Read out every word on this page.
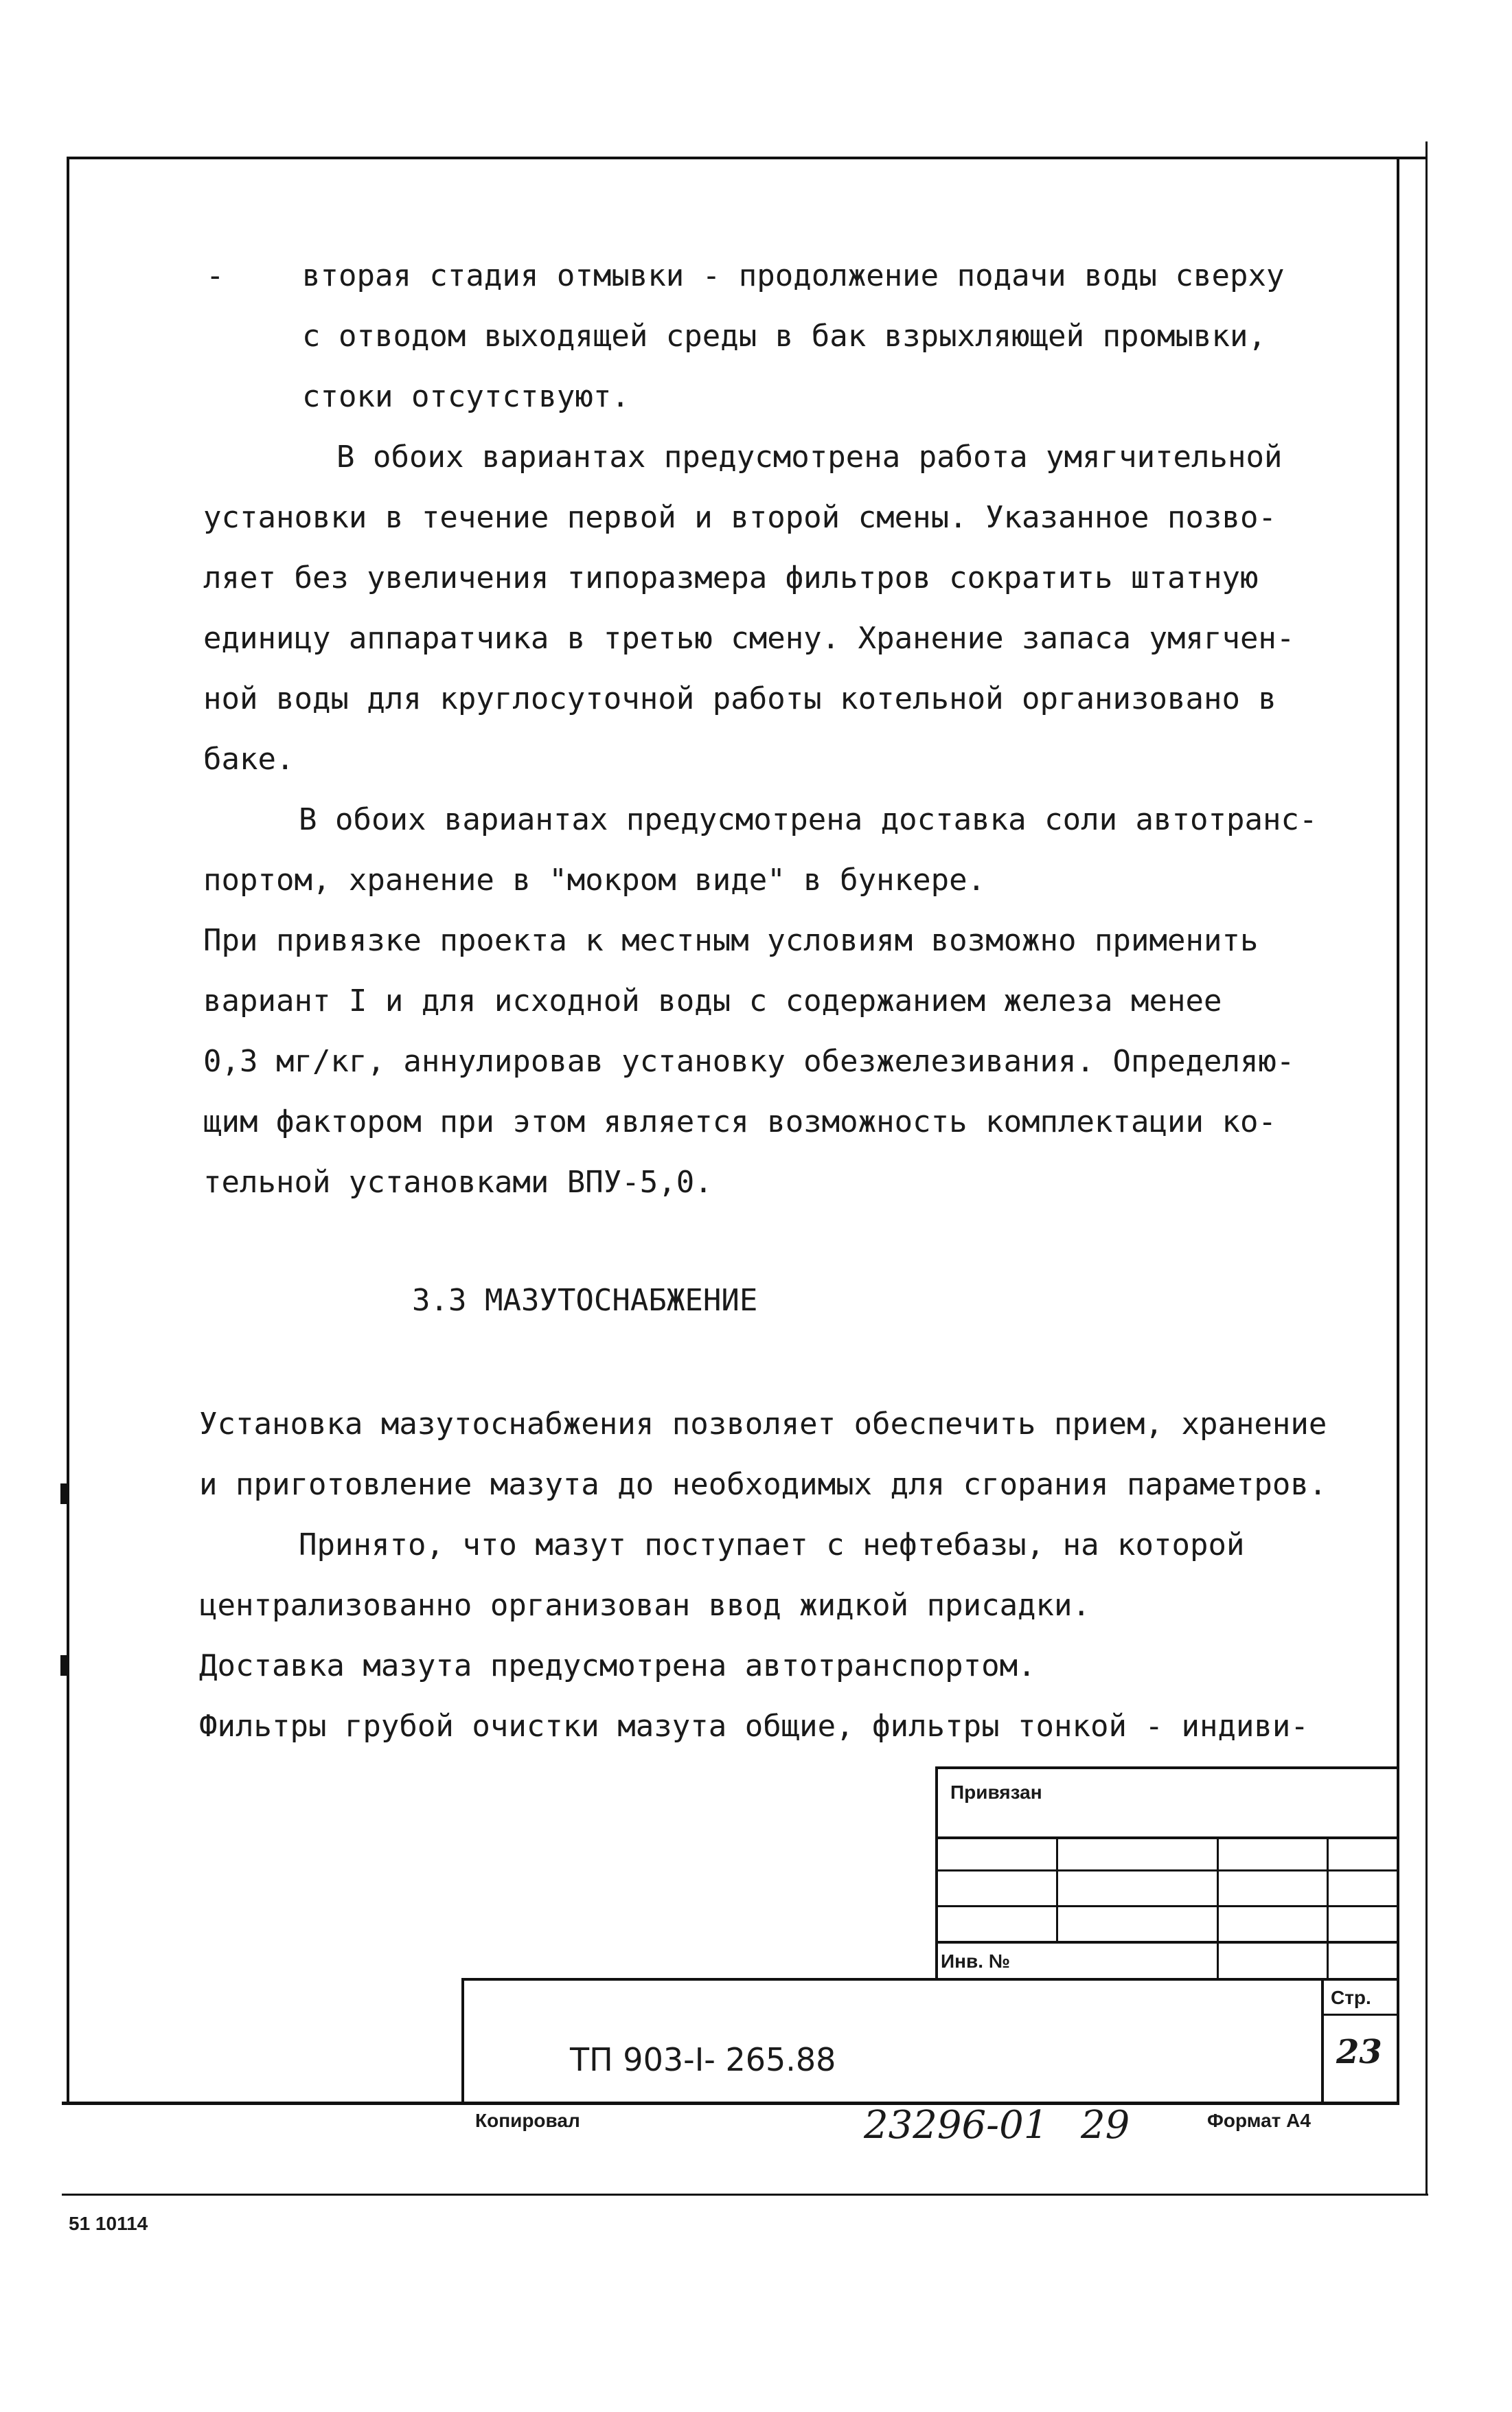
-	вторая стадия отмывки - продолжение подачи воды сверху
с отводом выходящей среды в бак взрыхляющей промывки,
стоки отсутствуют.
В обоих вариантах предусмотрена работа умягчительной
установки в течение первой и второй смены. Указанное позво-
ляет без увеличения типоразмера фильтров сократить штатную
единицу аппаратчика в третью смену. Хранение запаса умягчен-
ной воды для круглосуточной работы котельной организовано в
баке.
В обоих вариантах предусмотрена доставка соли автотранс-
портом, хранение в "мокром виде" в бункере.
При привязке проекта к местным условиям возможно применить
вариант I и для исходной воды с содержанием железа менее
0,3 мг/кг, аннулировав установку обезжелезивания. Определяю-
щим фактором при этом является возможность комплектации ко-
тельной установками ВПУ-5,0.
3.3 МАЗУТОСНАБЖЕНИЕ
Установка мазутоснабжения позволяет обеспечить прием, хранение
и приготовление мазута до необходимых для сгорания параметров.
Принято, что мазут поступает с нефтебазы, на которой
централизованно организован ввод жидкой присадки.
Доставка мазута предусмотрена автотранспортом.
Фильтры грубой очистки мазута общие, фильтры тонкой - индиви-
Привязан
Инв. №
ТП 903-I- 265.88
Стр.
23
Копировал	23296-01 29	Формат А4
51 10114
